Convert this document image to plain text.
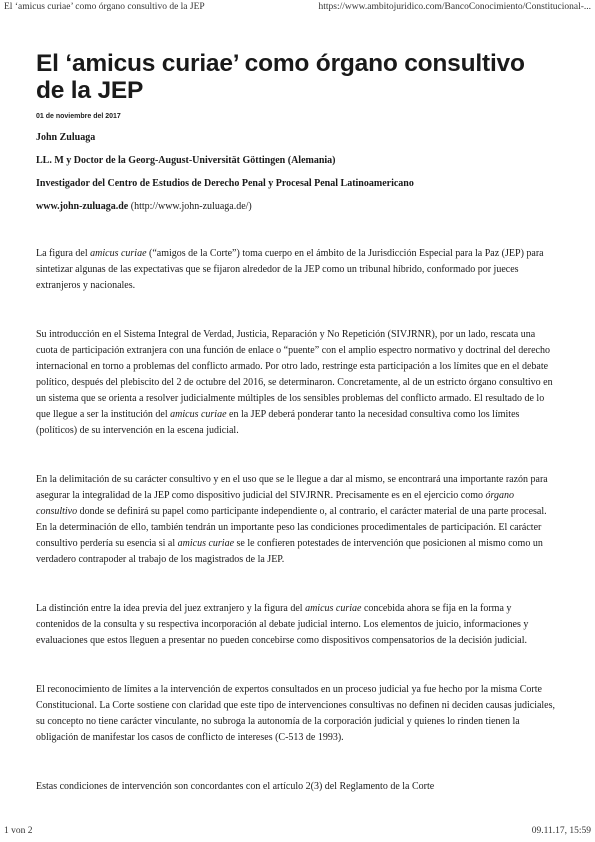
El ‘amicus curiae’ como órgano consultivo de la JEP	https://www.ambitojuridico.com/BancoConocimiento/Constitucional-...
El ‘amicus curiae’ como órgano consultivo de la JEP
01 de noviembre del 2017
John Zuluaga
LL. M y Doctor de la Georg-August-Universität Göttingen (Alemania)
Investigador del Centro de Estudios de Derecho Penal y Procesal Penal Latinoamericano
www.john-zuluaga.de (http://www.john-zuluaga.de/)

La figura del amicus curiae (“amigos de la Corte”) toma cuerpo en el ámbito de la Jurisdicción Especial para la Paz (JEP) para sintetizar algunas de las expectativas que se fijaron alrededor de la JEP como un tribunal híbrido, conformado por jueces extranjeros y nacionales.

Su introducción en el Sistema Integral de Verdad, Justicia, Reparación y No Repetición (SIVJRNR), por un lado, rescata una cuota de participación extranjera con una función de enlace o “puente” con el amplio espectro normativo y doctrinal del derecho internacional en torno a problemas del conflicto armado. Por otro lado, restringe esta participación a los límites que en el debate político, después del plebiscito del 2 de octubre del 2016, se determinaron. Concretamente, al de un estricto órgano consultivo en un sistema que se orienta a resolver judicialmente múltiples de los sensibles problemas del conflicto armado. El resultado de lo que llegue a ser la institución del amicus curiae en la JEP deberá ponderar tanto la necesidad consultiva como los límites (políticos) de su intervención en la escena judicial.

En la delimitación de su carácter consultivo y en el uso que se le llegue a dar al mismo, se encontrará una importante razón para asegurar la integralidad de la JEP como dispositivo judicial del SIVJRNR. Precisamente es en el ejercicio como órgano consultivo donde se definirá su papel como participante independiente o, al contrario, el carácter material de una parte procesal. En la determinación de ello, también tendrán un importante peso las condiciones procedimentales de participación. El carácter consultivo perdería su esencia si al amicus curiae se le confieren potestades de intervención que posicionen al mismo como un verdadero contrapoder al trabajo de los magistrados de la JEP.

La distinción entre la idea previa del juez extranjero y la figura del amicus curiae concebida ahora se fija en la forma y contenidos de la consulta y su respectiva incorporación al debate judicial interno. Los elementos de juicio, informaciones y evaluaciones que estos lleguen a presentar no pueden concebirse como dispositivos compensatorios de la decisión judicial.

El reconocimiento de límites a la intervención de expertos consultados en un proceso judicial ya fue hecho por la misma Corte Constitucional. La Corte sostiene con claridad que este tipo de intervenciones consultivas no definen ni deciden causas judiciales, su concepto no tiene carácter vinculante, no subroga la autonomía de la corporación judicial y quienes lo rinden tienen la obligación de manifestar los casos de conflicto de intereses (C-513 de 1993).

Estas condiciones de intervención son concordantes con el artículo 2(3) del Reglamento de la Corte

1 von 2	09.11.17, 15:59
